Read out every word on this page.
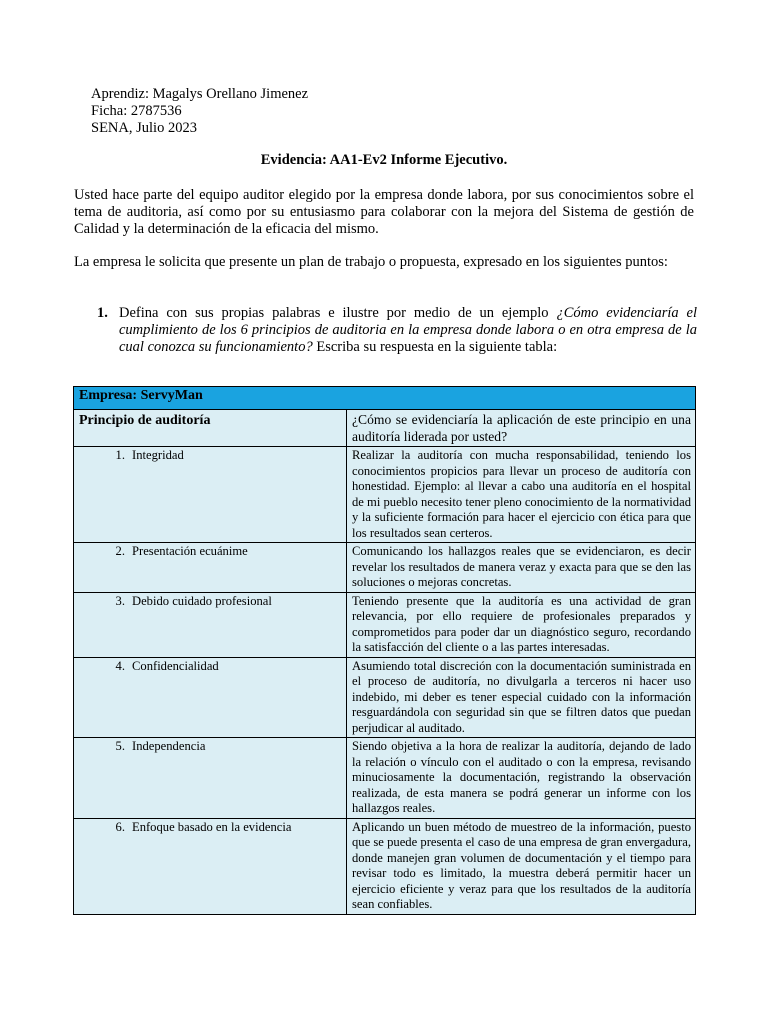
Aprendiz: Magalys Orellano Jimenez
Ficha: 2787536
SENA, Julio 2023
Evidencia: AA1-Ev2 Informe Ejecutivo.
Usted hace parte del equipo auditor elegido por la empresa donde labora, por sus conocimientos sobre el tema de auditoria, así como por su entusiasmo para colaborar con la mejora del Sistema de gestión de Calidad y la determinación de la eficacia del mismo.
La empresa le solicita que presente un plan de trabajo o propuesta, expresado en los siguientes puntos:
1. Defina con sus propias palabras e ilustre por medio de un ejemplo ¿Cómo evidenciaría el cumplimiento de los 6 principios de auditoria en la empresa donde labora o en otra empresa de la cual conozca su funcionamiento? Escriba su respuesta en la siguiente tabla:
Empresa: ServyMan	
Principio de auditoría	¿Cómo se evidenciaría la aplicación de este principio en una auditoría liderada por usted?
1. Integridad	Realizar la auditoría con mucha responsabilidad, teniendo los conocimientos propicios para llevar un proceso de auditoría con honestidad. Ejemplo: al llevar a cabo una auditoría en el hospital de mi pueblo necesito tener pleno conocimiento de la normatividad y la suficiente formación para hacer el ejercicio con ética para que los resultados sean certeros.
2. Presentación ecuánime	Comunicando los hallazgos reales que se evidenciaron, es decir revelar los resultados de manera veraz y exacta para que se den las soluciones o mejoras concretas.
3. Debido cuidado profesional	Teniendo presente que la auditoría es una actividad de gran relevancia, por ello requiere de profesionales preparados y comprometidos para poder dar un diagnóstico seguro, recordando la satisfacción del cliente o a las partes interesadas.
4. Confidencialidad	Asumiendo total discreción con la documentación suministrada en el proceso de auditoría, no divulgarla a terceros ni hacer uso indebido, mi deber es tener especial cuidado con la información resguardándola con seguridad sin que se filtren datos que puedan perjudicar al auditado.
5. Independencia	Siendo objetiva a la hora de realizar la auditoría, dejando de lado la relación o vínculo con el auditado o con la empresa, revisando minuciosamente la documentación, registrando la observación realizada, de esta manera se podrá generar un informe con los hallazgos reales.
6. Enfoque basado en la evidencia	Aplicando un buen método de muestreo de la información, puesto que se puede presenta el caso de una empresa de gran envergadura, donde manejen gran volumen de documentación y el tiempo para revisar todo es limitado, la muestra deberá permitir hacer un ejercicio eficiente y veraz para que los resultados de la auditoría sean confiables.
